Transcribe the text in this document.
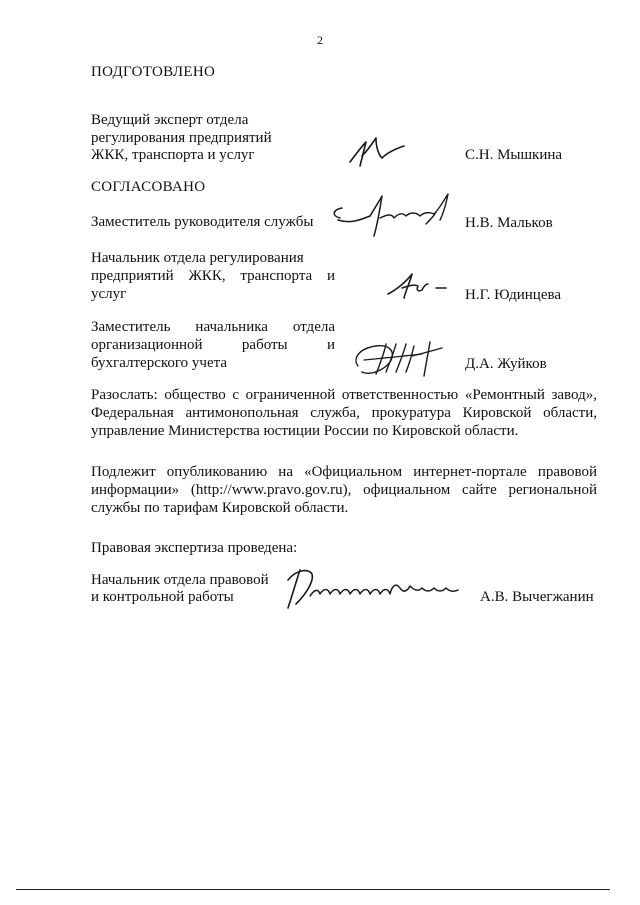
2
ПОДГОТОВЛЕНО
Ведущий эксперт отдела
регулирования предприятий
ЖКК, транспорта и услуг	С.Н. Мышкина
СОГЛАСОВАНО
Заместитель руководителя службы	Н.В. Мальков
Начальник отдела регулирования
предприятий ЖКК, транспорта и
услуг	Н.Г. Юдинцева
Заместитель начальника отдела
организационной работы и
бухгалтерского учета	Д.А. Жуйков
Разослать: общество с ограниченной ответственностью «Ремонтный завод», Федеральная антимонопольная служба, прокуратура Кировской области, управление Министерства юстиции России по Кировской области.
Подлежит опубликованию на «Официальном интернет-портале правовой информации» (http://www.pravo.gov.ru), официальном сайте региональной службы по тарифам Кировской области.
Правовая экспертиза проведена:
Начальник отдела правовой
и контрольной работы	А.В. Вычегжанин
